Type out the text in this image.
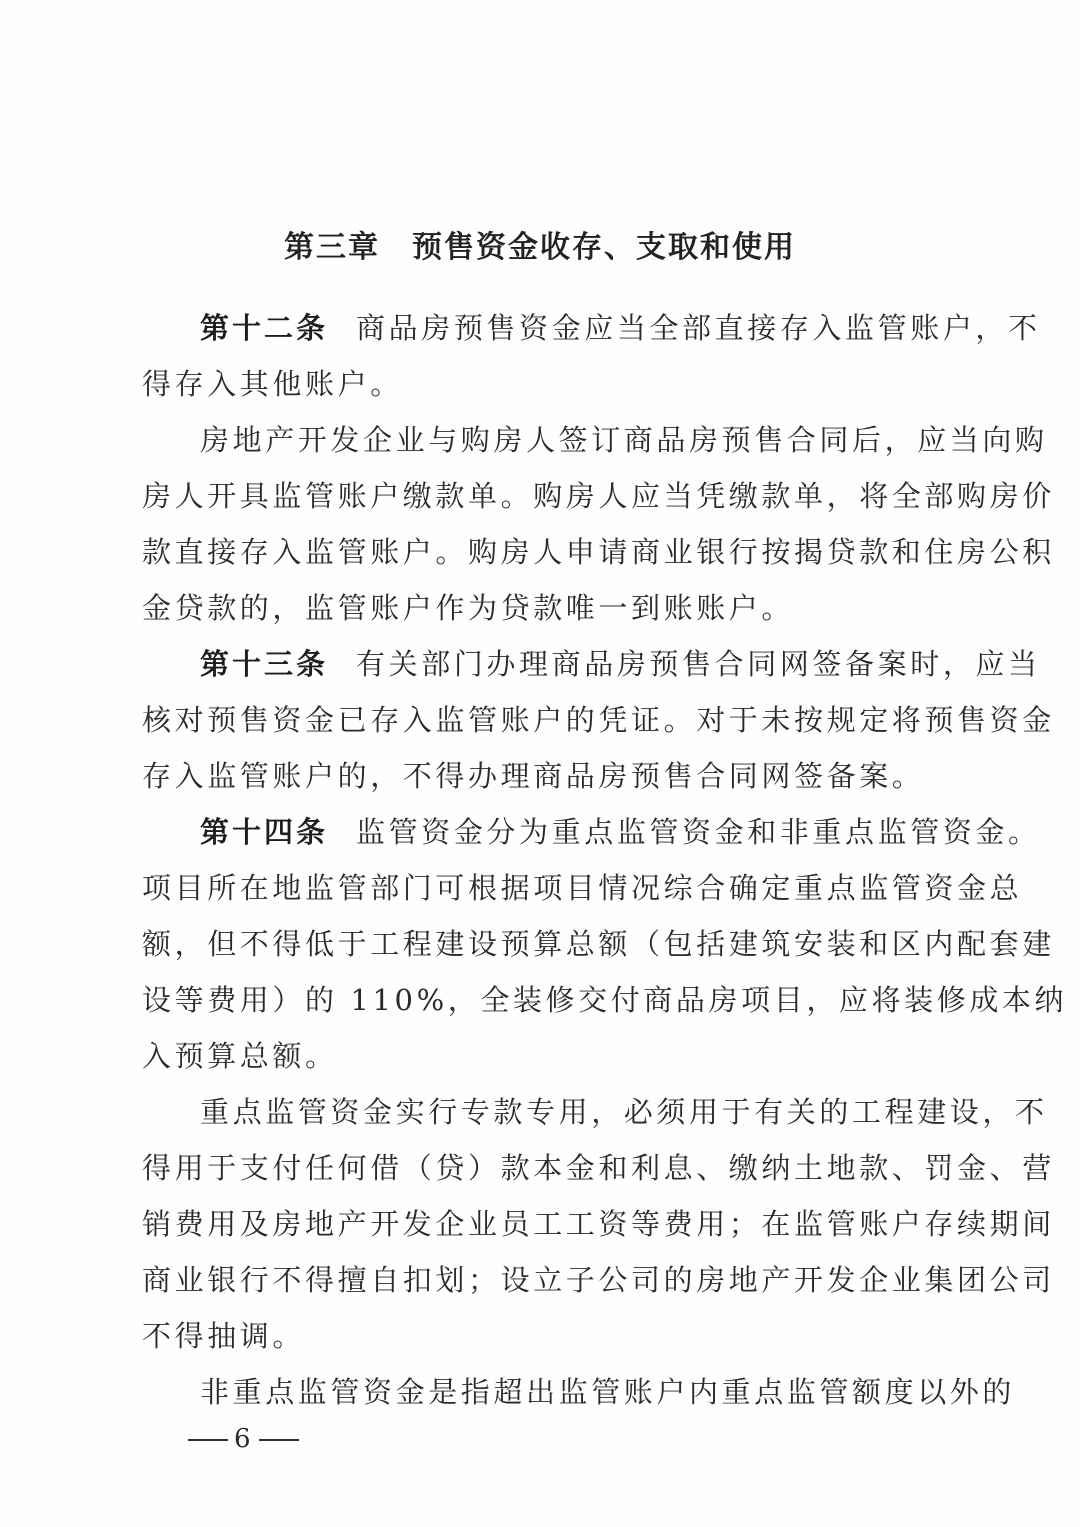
第三章　预售资金收存、支取和使用
第十二条 商品房预售资金应当全部直接存入监管账户，不
得存入其他账户。
房地产开发企业与购房人签订商品房预售合同后，应当向购
房人开具监管账户缴款单。购房人应当凭缴款单，将全部购房价
款直接存入监管账户。购房人申请商业银行按揭贷款和住房公积
金贷款的，监管账户作为贷款唯一到账账户。
第十三条 有关部门办理商品房预售合同网签备案时，应当
核对预售资金已存入监管账户的凭证。对于未按规定将预售资金
存入监管账户的，不得办理商品房预售合同网签备案。
第十四条 监管资金分为重点监管资金和非重点监管资金。
项目所在地监管部门可根据项目情况综合确定重点监管资金总
额，但不得低于工程建设预算总额（包括建筑安装和区内配套建
设等费用）的 110%，全装修交付商品房项目，应将装修成本纳
入预算总额。
重点监管资金实行专款专用，必须用于有关的工程建设，不
得用于支付任何借（贷）款本金和利息、缴纳土地款、罚金、营
销费用及房地产开发企业员工工资等费用；在监管账户存续期间
商业银行不得擅自扣划；设立子公司的房地产开发企业集团公司
不得抽调。
非重点监管资金是指超出监管账户内重点监管额度以外的
6
